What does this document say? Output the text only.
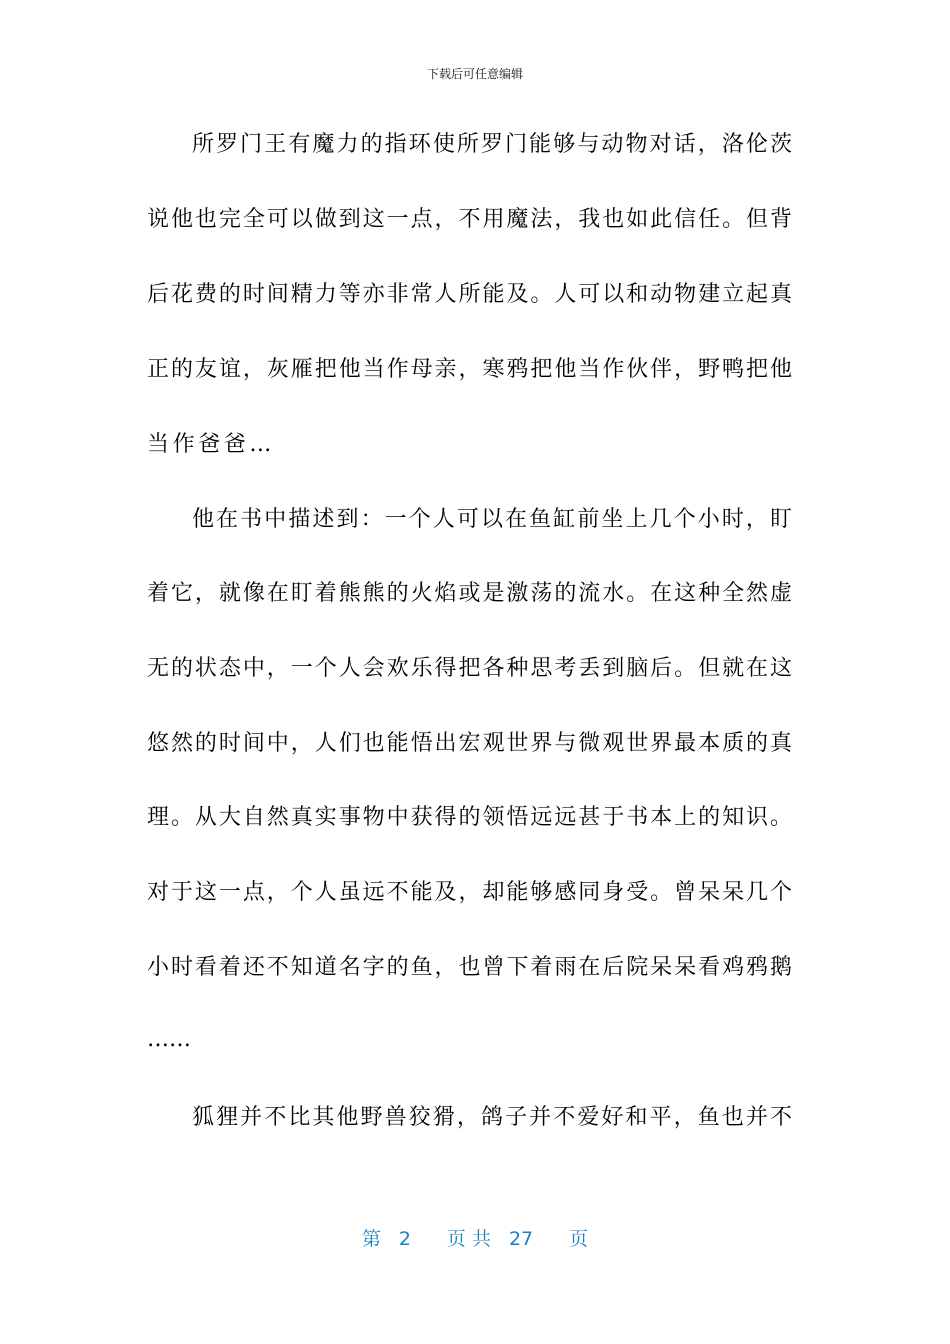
下载后可任意编辑
所罗门王有魔力的指环使所罗门能够与动物对话，洛伦茨
说他也完全可以做到这一点，不用魔法，我也如此信任。但背
后花费的时间精力等亦非常人所能及。人可以和动物建立起真
正的友谊，灰雁把他当作母亲，寒鸦把他当作伙伴，野鸭把他
当作爸爸…
他在书中描述到：一个人可以在鱼缸前坐上几个小时，盯
着它，就像在盯着熊熊的火焰或是激荡的流水。在这种全然虚
无的状态中，一个人会欢乐得把各种思考丢到脑后。但就在这
悠然的时间中，人们也能悟出宏观世界与微观世界最本质的真
理。从大自然真实事物中获得的领悟远远甚于书本上的知识。
对于这一点，个人虽远不能及，却能够感同身受。曾呆呆几个
小时看着还不知道名字的鱼，也曾下着雨在后院呆呆看鸡鸦鹅
……
狐狸并不比其他野兽狡猾，鸽子并不爱好和平，鱼也并不
第 2 页 共 27 页
